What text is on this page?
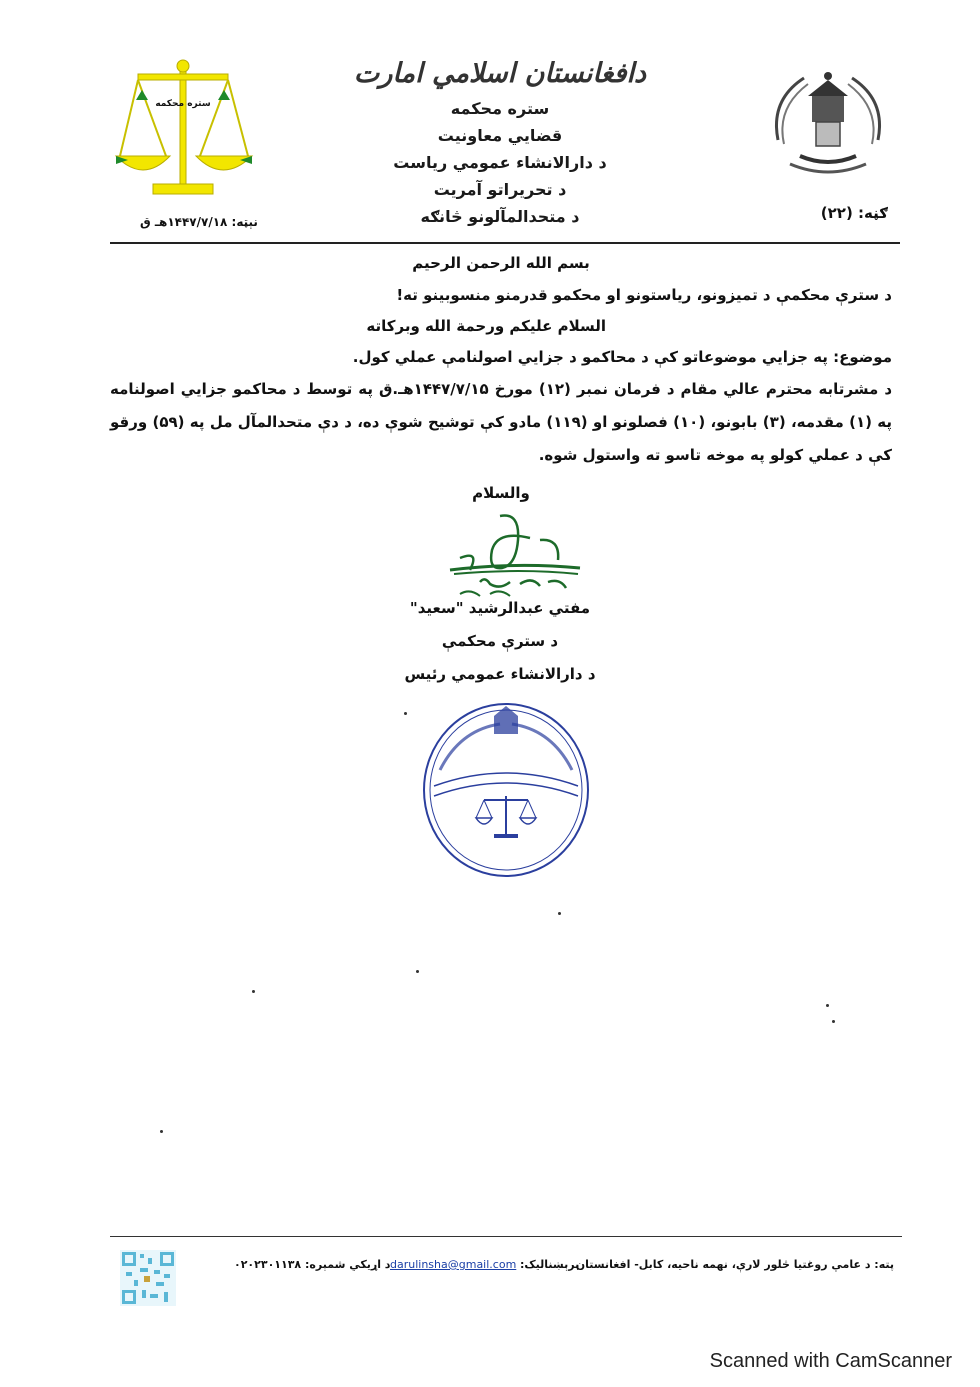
ستره محکمه
دافغانستان اسلامي امارت
ستره محکمه
قضايي معاونيت
د دارالانشاء عمومي رياست
د تحريراتو آمريت
د متحدالمآلونو څانګه
نېټه: ۱۴۴۷/۷/۱۸هـ ق	ګڼه: (۲۲)
بسم الله الرحمن الرحيم
د سترې محکمې د تميزونو، رياستونو او محکمو قدرمنو منسوبينو ته!
السلام عليکم ورحمة الله وبرکاته
موضوع: په جزايي موضوعاتو کې د محاکمو د جزايي اصولنامې عملي کول.
د مشرتابه محترم عالي مقام د فرمان نمبر (۱۲) مورخ ۱۴۴۷/۷/۱۵هـ.ق په توسط د محاکمو جزايي اصولنامه په (۱) مقدمه، (۳) بابونو، (۱۰) فصلونو او (۱۱۹) مادو کې توشيح شوې ده، د دې متحدالمآل مل په (۵۹) ورقو کې د عملي کولو په موخه تاسو ته واستول شوه.
والسلام
مفتي عبدالرشيد "سعيد"
د سترې محکمې
د دارالانشاء عمومي رئيس
پته: د عامې روغتيا څلور لارې، نهمه ناحيه، کابل- افغانستان
برېښناليک:
darulinsha@gmail.com
د اړيکي شمېره: ۰۲۰۲۳۰۱۱۳۸
Scanned with CamScanner
